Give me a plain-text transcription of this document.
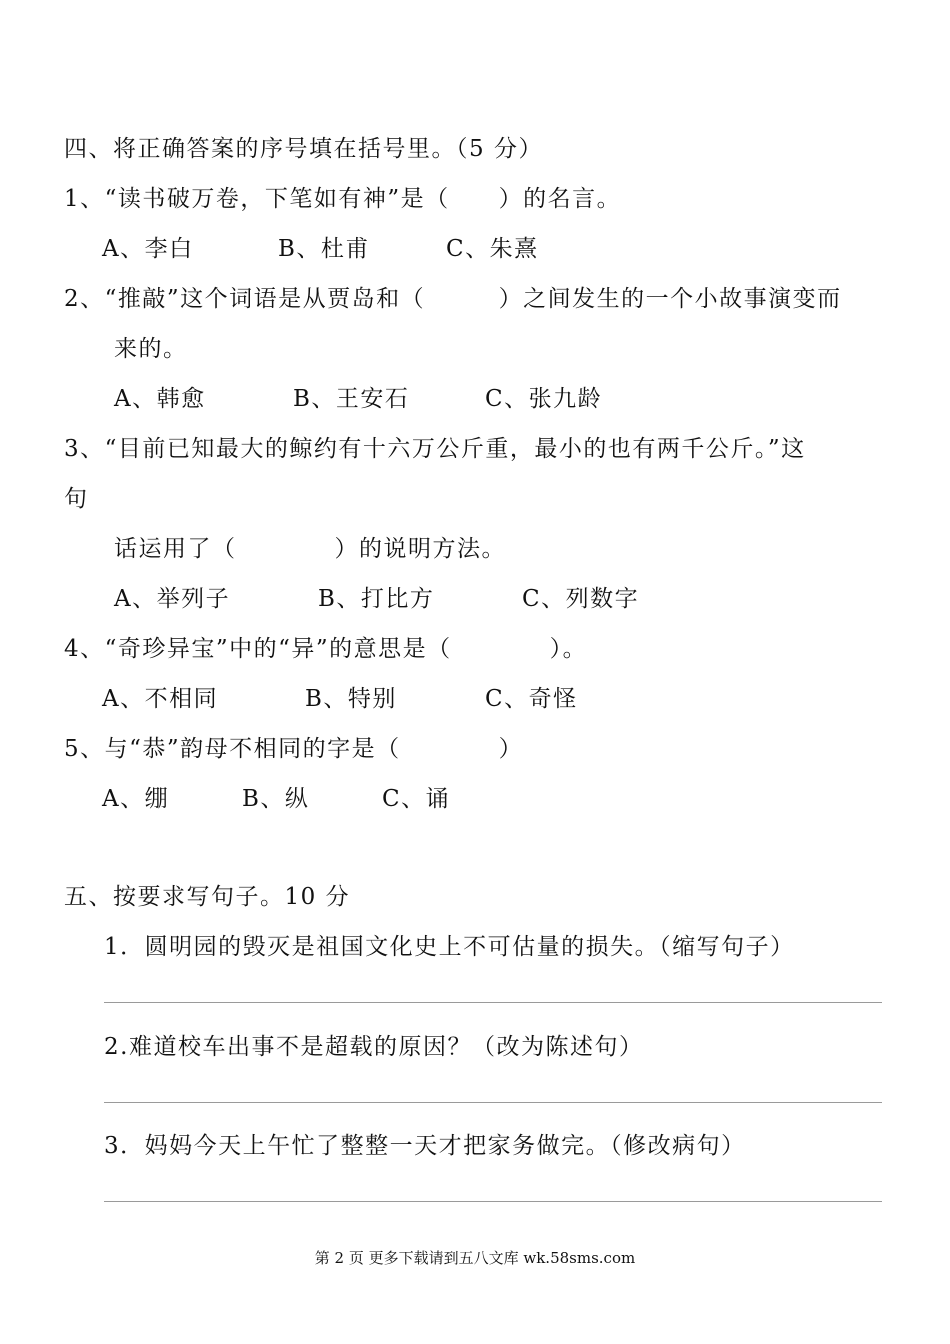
四、将正确答案的序号填在括号里。（5 分）
1、“读书破万卷，下笔如有神”是（　　）的名言。
A、李白	B、杜甫	C、朱熹
2、“推敲”这个词语是从贾岛和（　　　）之间发生的一个小故事演变而
来的。
A、韩愈	B、王安石	C、张九龄
3、“目前已知最大的鲸约有十六万公斤重，最小的也有两千公斤。”这
句
话运用了（　　　　）的说明方法。
A、举列子	B、打比方	C、列数字
4、“奇珍异宝”中的“异”的意思是（　　　　）。
A、不相同	B、特别	C、奇怪
5、与“恭”韵母不相同的字是（　　　　）
A、绷	B、纵	C、诵
五、按要求写句子。10 分
1．圆明园的毁灭是祖国文化史上不可估量的损失。（缩写句子）
2.难道校车出事不是超载的原因？（改为陈述句）
3．妈妈今天上午忙了整整一天才把家务做完。（修改病句）
第 2 页 更多下载请到五八文库 wk.58sms.com
